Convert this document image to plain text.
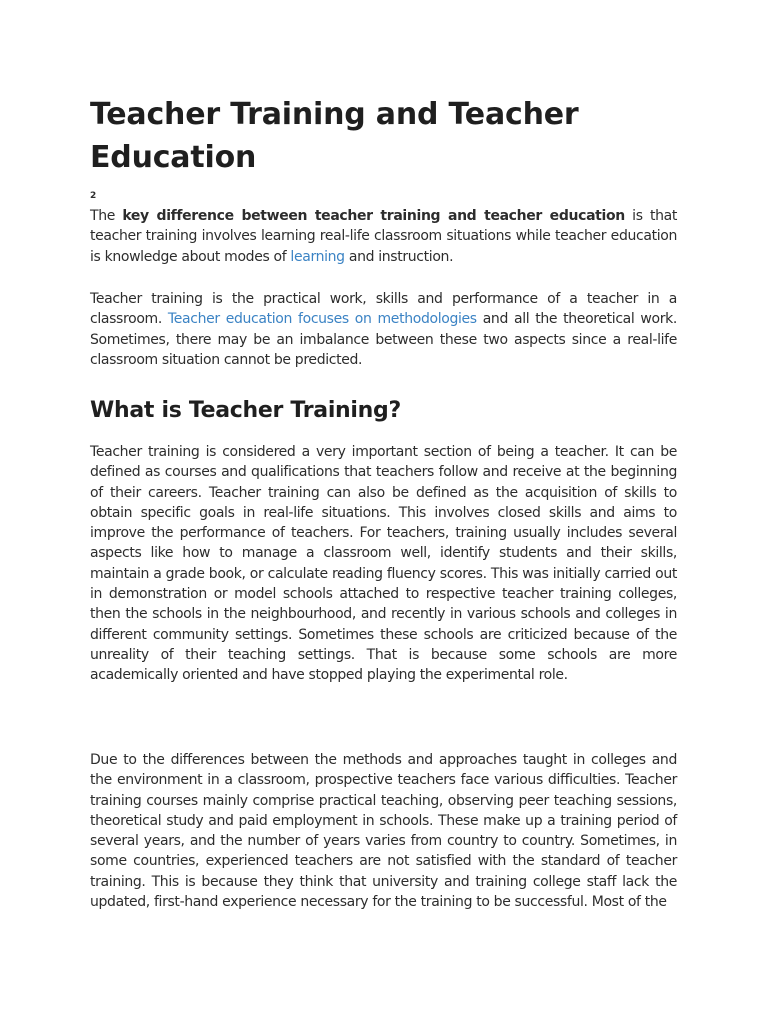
Teacher Training and Teacher Education
2

The key difference between teacher training and teacher education is that teacher training involves learning real-life classroom situations while teacher education is knowledge about modes of learning and instruction.

Teacher training is the practical work, skills and performance of a teacher in a classroom. Teacher education focuses on methodologies and all the theoretical work. Sometimes, there may be an imbalance between these two aspects since a real-life classroom situation cannot be predicted.

What is Teacher Training?

Teacher training is considered a very important section of being a teacher. It can be defined as courses and qualifications that teachers follow and receive at the beginning of their careers. Teacher training can also be defined as the acquisition of skills to obtain specific goals in real-life situations. This involves closed skills and aims to improve the performance of teachers. For teachers, training usually includes several aspects like how to manage a classroom well, identify students and their skills, maintain a grade book, or calculate reading fluency scores. This was initially carried out in demonstration or model schools attached to respective teacher training colleges, then the schools in the neighbourhood, and recently in various schools and colleges in different community settings. Sometimes these schools are criticized because of the unreality of their teaching settings. That is because some schools are more academically oriented and have stopped playing the experimental role.

Due to the differences between the methods and approaches taught in colleges and the environment in a classroom, prospective teachers face various difficulties. Teacher training courses mainly comprise practical teaching, observing peer teaching sessions, theoretical study and paid employment in schools. These make up a training period of several years, and the number of years varies from country to country. Sometimes, in some countries, experienced teachers are not satisfied with the standard of teacher training. This is because they think that university and training college staff lack the updated, first-hand experience necessary for the training to be successful. Most of the
